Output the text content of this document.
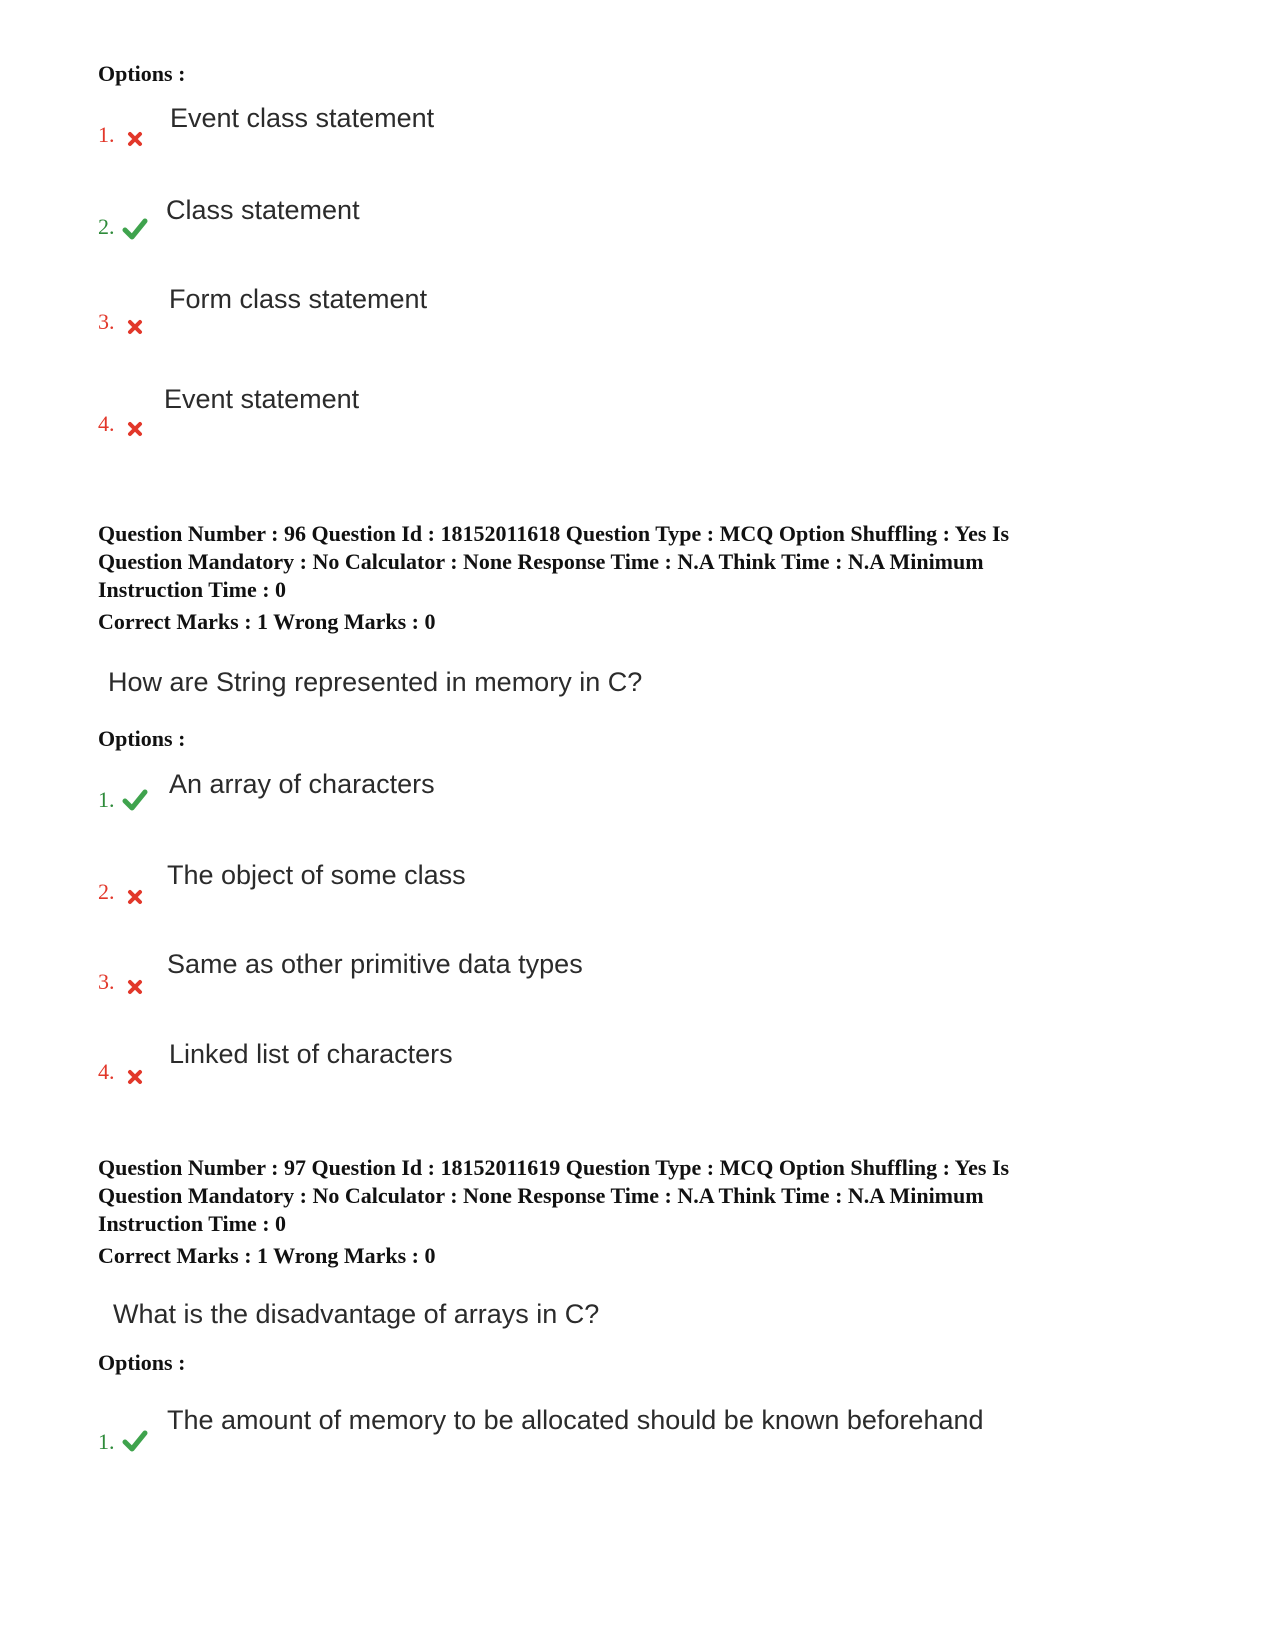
Options :
1.
Event class statement
2.
Class statement
3.
Form class statement
4.
Event statement
Question Number : 96 Question Id : 18152011618 Question Type : MCQ Option Shuffling : Yes Is
Question Mandatory : No Calculator : None Response Time : N.A Think Time : N.A Minimum
Instruction Time : 0
Correct Marks : 1 Wrong Marks : 0
How are String represented in memory in C?
Options :
1.
An array of characters
2.
The object of some class
3.
Same as other primitive data types
4.
Linked list of characters
Question Number : 97 Question Id : 18152011619 Question Type : MCQ Option Shuffling : Yes Is
Question Mandatory : No Calculator : None Response Time : N.A Think Time : N.A Minimum
Instruction Time : 0
Correct Marks : 1 Wrong Marks : 0
What is the disadvantage of arrays in C?
Options :
1.
The amount of memory to be allocated should be known beforehand
